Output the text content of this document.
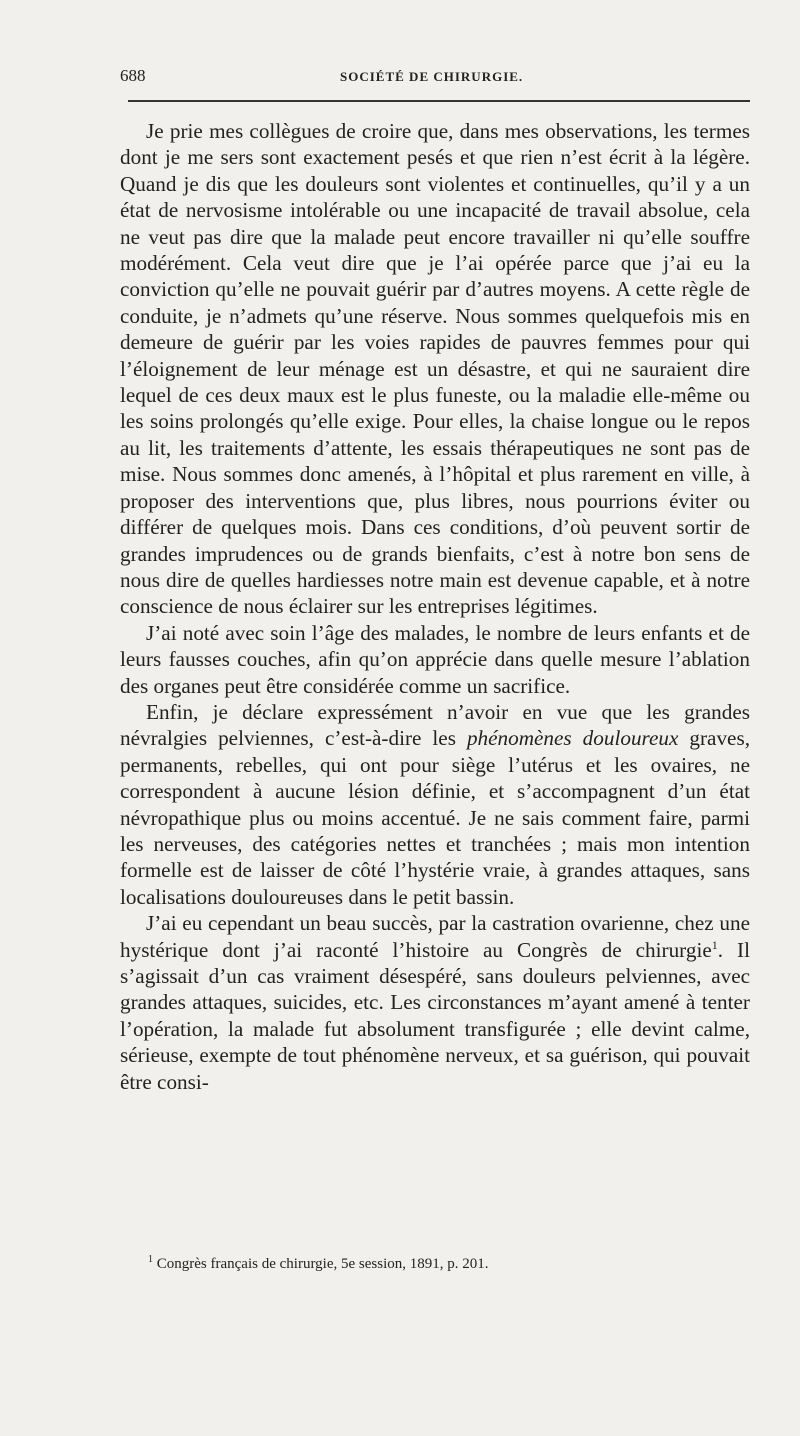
688	SOCIÉTÉ DE CHIRURGIE.

Je prie mes collègues de croire que, dans mes observations, les termes dont je me sers sont exactement pesés et que rien n’est écrit à la légère. Quand je dis que les douleurs sont violentes et continuelles, qu’il y a un état de nervosisme intolérable ou une incapacité de travail absolue, cela ne veut pas dire que la malade peut encore travailler ni qu’elle souffre modérément. Cela veut dire que je l’ai opérée parce que j’ai eu la conviction qu’elle ne pouvait guérir par d’autres moyens. A cette règle de conduite, je n’admets qu’une réserve. Nous sommes quelquefois mis en demeure de guérir par les voies rapides de pauvres femmes pour qui l’éloignement de leur ménage est un désastre, et qui ne sauraient dire lequel de ces deux maux est le plus funeste, ou la maladie elle-même ou les soins prolongés qu’elle exige. Pour elles, la chaise longue ou le repos au lit, les traitements d’attente, les essais thérapeutiques ne sont pas de mise. Nous sommes donc amenés, à l’hôpital et plus rarement en ville, à proposer des interventions que, plus libres, nous pourrions éviter ou différer de quelques mois. Dans ces conditions, d’où peuvent sortir de grandes imprudences ou de grands bienfaits, c’est à notre bon sens de nous dire de quelles hardiesses notre main est devenue capable, et à notre conscience de nous éclairer sur les entreprises légitimes.

J’ai noté avec soin l’âge des malades, le nombre de leurs enfants et de leurs fausses couches, afin qu’on apprécie dans quelle mesure l’ablation des organes peut être considérée comme un sacrifice.

Enfin, je déclare expressément n’avoir en vue que les grandes névralgies pelviennes, c’est-à-dire les phénomènes douloureux graves, permanents, rebelles, qui ont pour siège l’utérus et les ovaires, ne correspondent à aucune lésion définie, et s’accompagnent d’un état névropathique plus ou moins accentué. Je ne sais comment faire, parmi les nerveuses, des catégories nettes et tranchées ; mais mon intention formelle est de laisser de côté l’hystérie vraie, à grandes attaques, sans localisations douloureuses dans le petit bassin.

J’ai eu cependant un beau succès, par la castration ovarienne, chez une hystérique dont j’ai raconté l’histoire au Congrès de chirurgie$^1$. Il s’agissait d’un cas vraiment désespéré, sans douleurs pelviennes, avec grandes attaques, suicides, etc. Les circonstances m’ayant amené à tenter l’opération, la malade fut absolument transfigurée ; elle devint calme, sérieuse, exempte de tout phénomène nerveux, et sa guérison, qui pouvait être consi-

$^1$ Congrès français de chirurgie, 5e session, 1891, p. 201.
